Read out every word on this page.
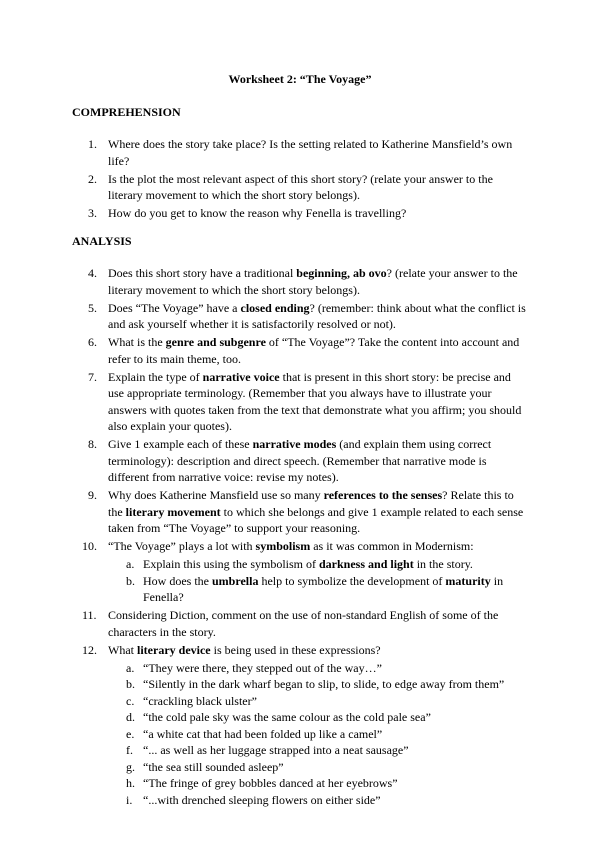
Worksheet 2: “The Voyage”
COMPREHENSION
1. Where does the story take place? Is the setting related to Katherine Mansfield’s own life?
2. Is the plot the most relevant aspect of this short story? (relate your answer to the literary movement to which the short story belongs).
3. How do you get to know the reason why Fenella is travelling?
ANALYSIS
4. Does this short story have a traditional beginning, ab ovo? (relate your answer to the literary movement to which the short story belongs).
5. Does “The Voyage” have a closed ending? (remember: think about what the conflict is and ask yourself whether it is satisfactorily resolved or not).
6. What is the genre and subgenre of “The Voyage”? Take the content into account and refer to its main theme, too.
7. Explain the type of narrative voice that is present in this short story: be precise and use appropriate terminology. (Remember that you always have to illustrate your answers with quotes taken from the text that demonstrate what you affirm; you should also explain your quotes).
8. Give 1 example each of these narrative modes (and explain them using correct terminology): description and direct speech. (Remember that narrative mode is different from narrative voice: revise my notes).
9. Why does Katherine Mansfield use so many references to the senses? Relate this to the literary movement to which she belongs and give 1 example related to each sense taken from “The Voyage” to support your reasoning.
10. “The Voyage” plays a lot with symbolism as it was common in Modernism:
a. Explain this using the symbolism of darkness and light in the story.
b. How does the umbrella help to symbolize the development of maturity in Fenella?
11. Considering Diction, comment on the use of non-standard English of some of the characters in the story.
12. What literary device is being used in these expressions?
a. “They were there, they stepped out of the way…”
b. “Silently in the dark wharf began to slip, to slide, to edge away from them”
c. “crackling black ulster”
d. “the cold pale sky was the same colour as the cold pale sea”
e. “a white cat that had been folded up like a camel”
f. “... as well as her luggage strapped into a neat sausage”
g. “the sea still sounded asleep”
h. “The fringe of grey bobbles danced at her eyebrows”
i. “...with drenched sleeping flowers on either side”
